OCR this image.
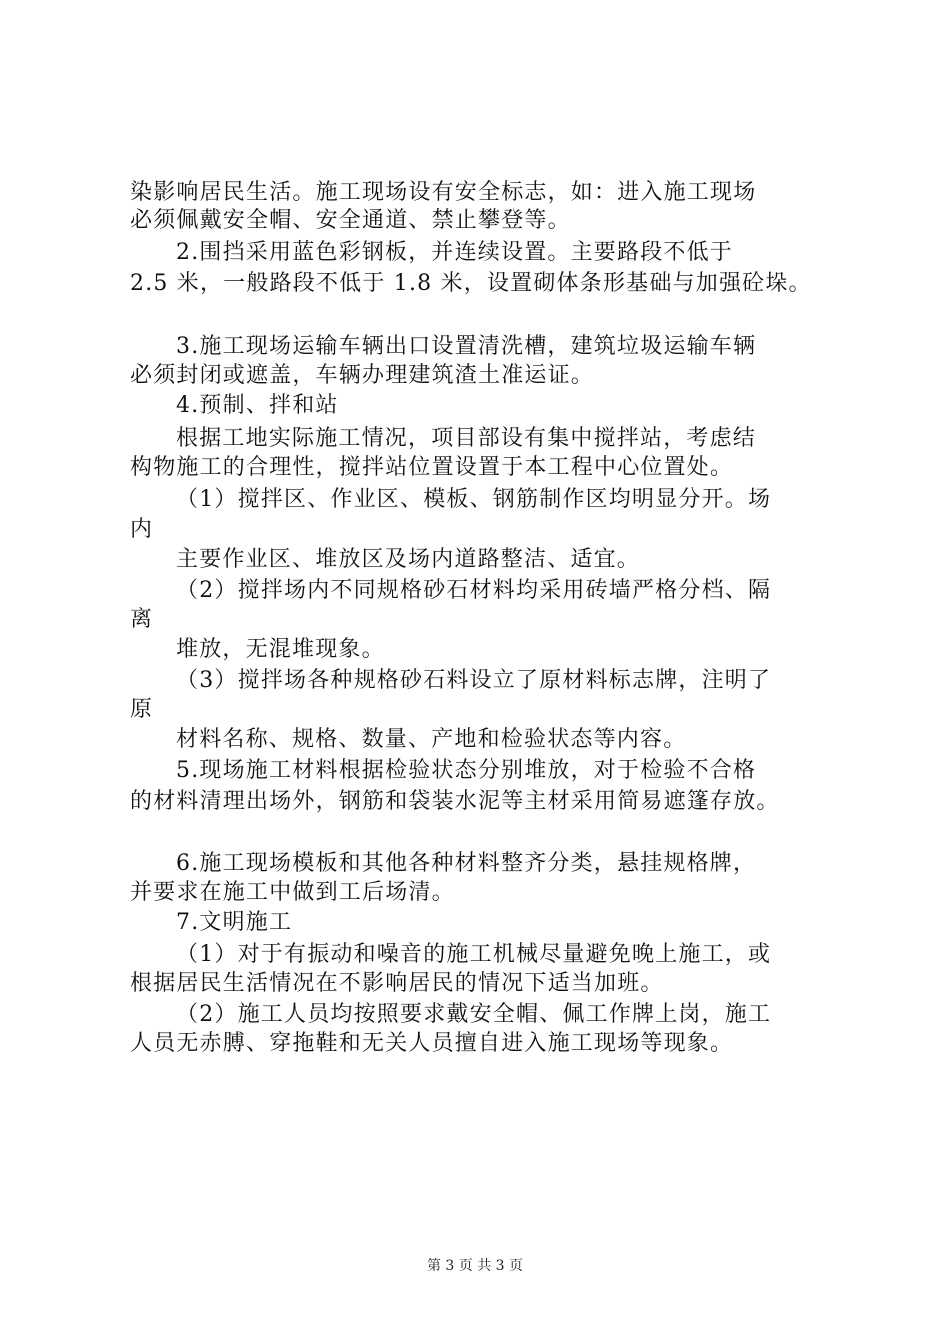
染影响居民生活。施工现场设有安全标志，如：进入施工现场
必须佩戴安全帽、安全通道、禁止攀登等。
2.围挡采用蓝色彩钢板，并连续设置。主要路段不低于
2.5 米，一般路段不低于 1.8 米，设置砌体条形基础与加强砼垛。
3.施工现场运输车辆出口设置清洗槽，建筑垃圾运输车辆
必须封闭或遮盖，车辆办理建筑渣土准运证。
4.预制、拌和站
根据工地实际施工情况，项目部设有集中搅拌站，考虑结
构物施工的合理性，搅拌站位置设置于本工程中心位置处。
（1）搅拌区、作业区、模板、钢筋制作区均明显分开。场
内
主要作业区、堆放区及场内道路整洁、适宜。
（2）搅拌场内不同规格砂石材料均采用砖墙严格分档、隔
离
堆放，无混堆现象。
（3）搅拌场各种规格砂石料设立了原材料标志牌，注明了
原
材料名称、规格、数量、产地和检验状态等内容。
5.现场施工材料根据检验状态分别堆放，对于检验不合格
的材料清理出场外，钢筋和袋装水泥等主材采用简易遮篷存放。
6.施工现场模板和其他各种材料整齐分类，悬挂规格牌，
并要求在施工中做到工后场清。
7.文明施工
（1）对于有振动和噪音的施工机械尽量避免晚上施工，或
根据居民生活情况在不影响居民的情况下适当加班。
（2）施工人员均按照要求戴安全帽、佩工作牌上岗，施工
人员无赤膊、穿拖鞋和无关人员擅自进入施工现场等现象。
第 3 页 共 3 页
